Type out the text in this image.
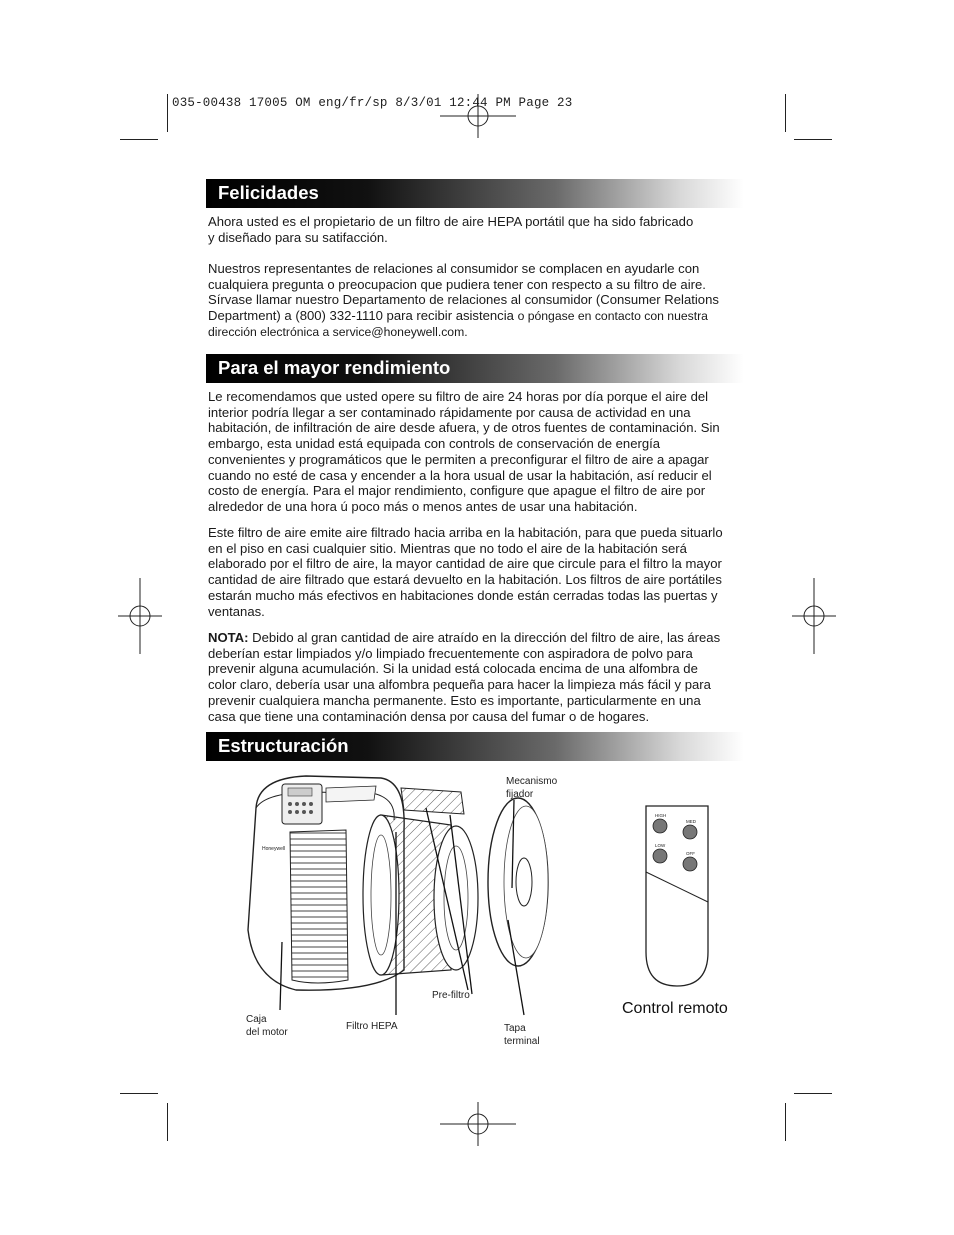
035-00438 17005 OM eng/fr/sp 8/3/01 12:44 PM Page 23
Felicidades

Ahora usted es el propietario de un filtro de aire HEPA portátil que ha sido fabricado
y diseñado para su satifacción.

Nuestros representantes de relaciones al consumidor se complacen en ayudarle con
cualquiera pregunta o preocupacion que pudiera tener con respecto a su filtro de aire.
Sírvase llamar nuestro Departamento de relaciones al consumidor (Consumer Relations
Department) a (800) 332-1110 para recibir asistencia o póngase en contacto con nuestra
dirección electrónica a service@honeywell.com.

Para el mayor rendimiento

Le recomendamos que usted opere su filtro de aire 24 horas por día porque el aire del
interior podría llegar a ser contaminado rápidamente por causa de actividad en una
habitación, de infiltración de aire desde afuera, y de otros fuentes de contaminación. Sin
embargo, esta unidad está equipada con controls de conservación de energía
convenientes y programáticos que le permiten a preconfigurar el filtro de aire a apagar
cuando no esté de casa y encender a la hora usual de usar la habitación, así reducir el
costo de energía. Para el major rendimiento, configure que apague el filtro de aire por
alrededor de una hora ú poco más o menos antes de usar una habitación.

Este filtro de aire emite aire filtrado hacia arriba en la habitación, para que pueda situarlo
en el piso en casi cualquier sitio. Mientras que no todo el aire de la habitación será
elaborado por el filtro de aire, la mayor cantidad de aire que circule para el filtro la mayor
cantidad de aire filtrado que estará devuelto en la habitación. Los filtros de aire portátiles
estarán mucho más efectivos en habitaciones donde están cerradas todas las puertas y
ventanas.

NOTA: Debido al gran cantidad de aire atraído en la dirección del filtro de aire, las áreas
deberían estar limpiados y/o limpiado frecuentemente con aspiradora de polvo para
prevenir alguna acumulación. Si la unidad está colocada encima de una alfombra de
color claro, debería usar una alfombra pequeña para hacer la limpieza más fácil y para
prevenir cualquiera mancha permanente. Esto es importante, particularmente en una
casa que tiene una contaminación densa por causa del fumar o de hogares.

Estructuración
Honeywell
Mecanismo
fijador
Pre-filtro
Caja
del motor	Filtro HEPA	Tapa
terminal
HIGH
MED
LOW
OFF
Control remoto
